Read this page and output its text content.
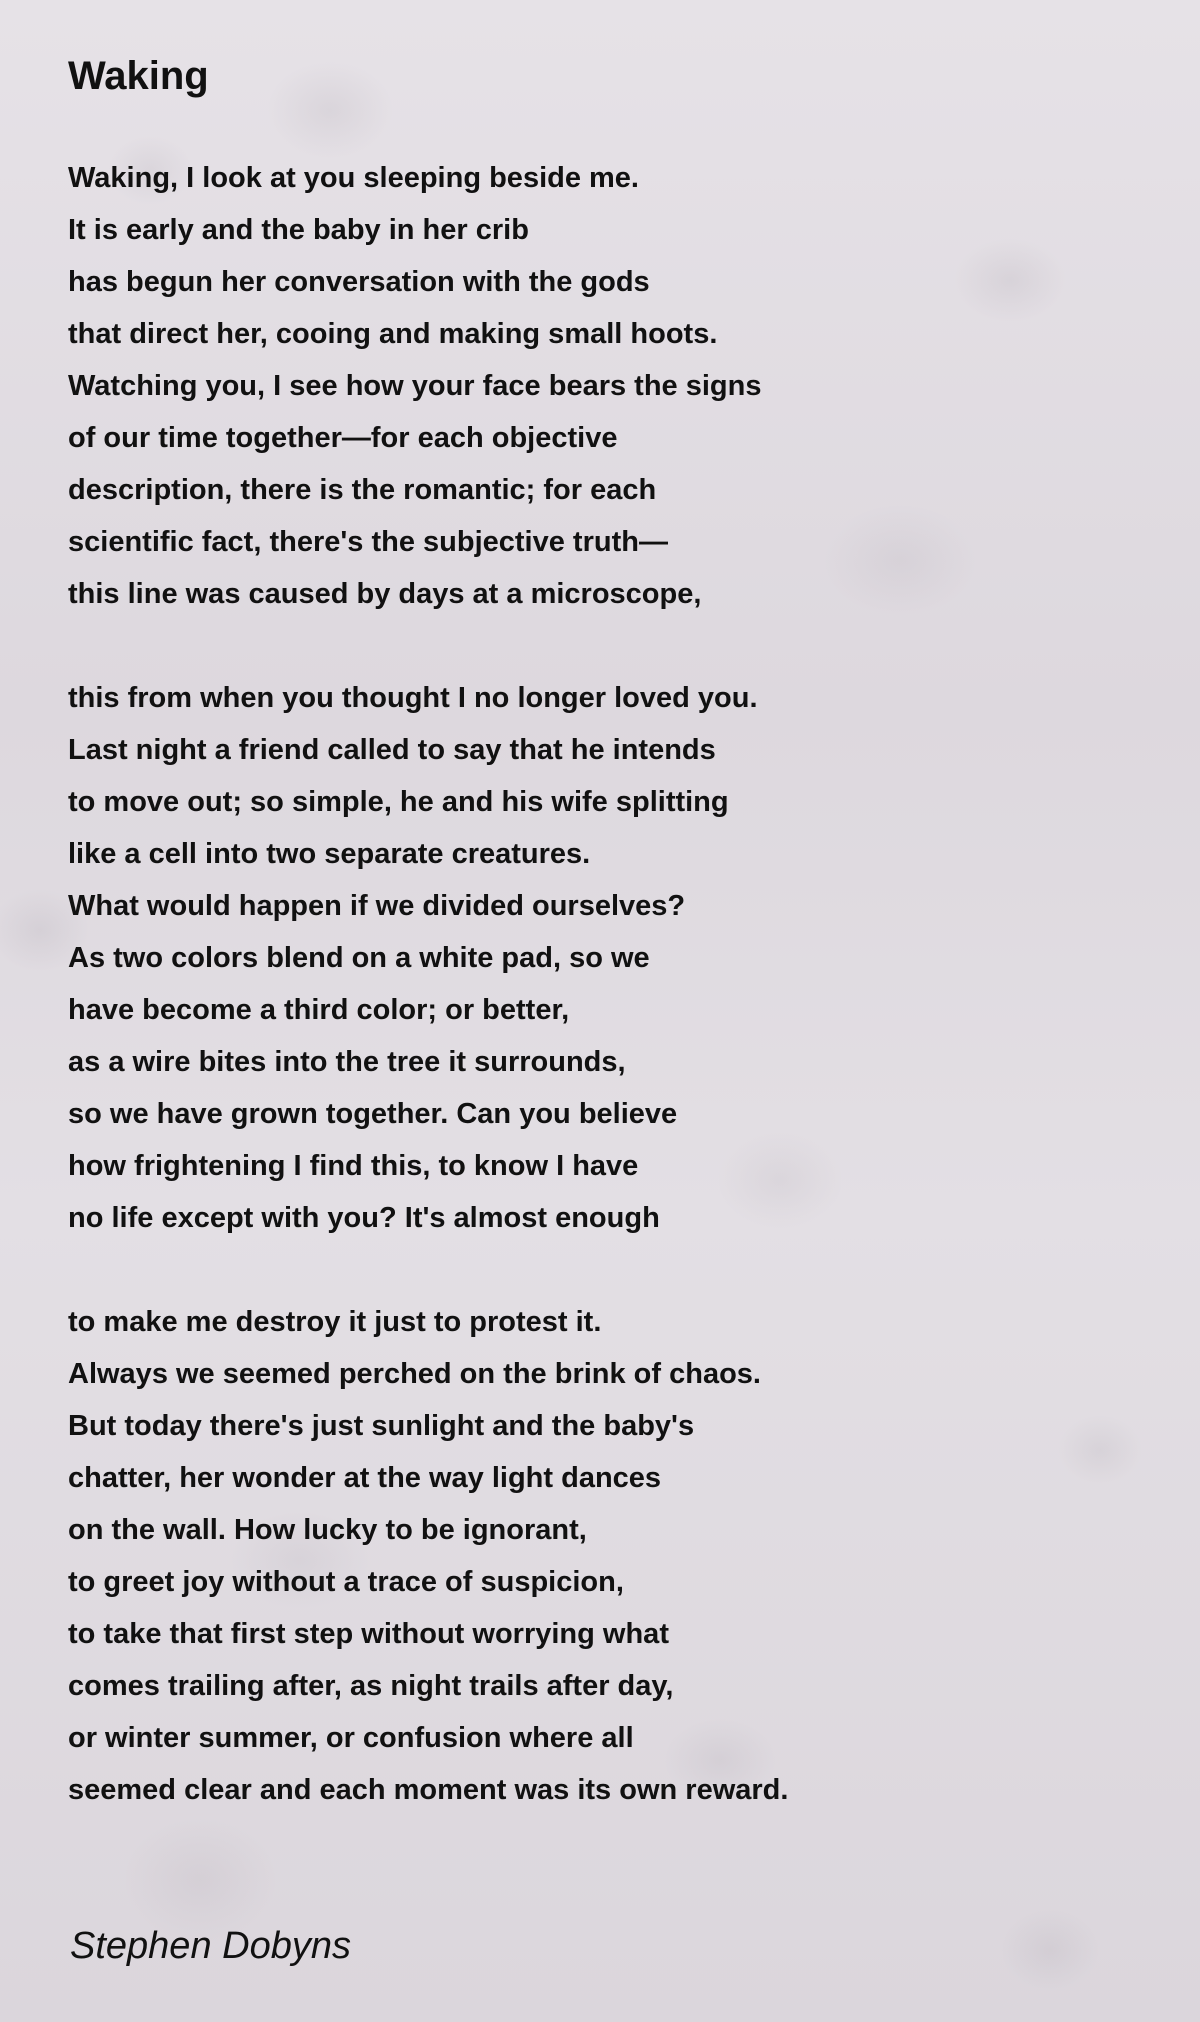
Waking
Waking, I look at you sleeping beside me.
It is early and the baby in her crib
has begun her conversation with the gods
that direct her, cooing and making small hoots.
Watching you, I see how your face bears the signs
of our time together—for each objective
description, there is the romantic; for each
scientific fact, there's the subjective truth—
this line was caused by days at a microscope,
this from when you thought I no longer loved you.
Last night a friend called to say that he intends
to move out; so simple, he and his wife splitting
like a cell into two separate creatures.
What would happen if we divided ourselves?
As two colors blend on a white pad, so we
have become a third color; or better,
as a wire bites into the tree it surrounds,
so we have grown together. Can you believe
how frightening I find this, to know I have
no life except with you? It's almost enough
to make me destroy it just to protest it.
Always we seemed perched on the brink of chaos.
But today there's just sunlight and the baby's
chatter, her wonder at the way light dances
on the wall. How lucky to be ignorant,
to greet joy without a trace of suspicion,
to take that first step without worrying what
comes trailing after, as night trails after day,
or winter summer, or confusion where all
seemed clear and each moment was its own reward.
Stephen Dobyns
